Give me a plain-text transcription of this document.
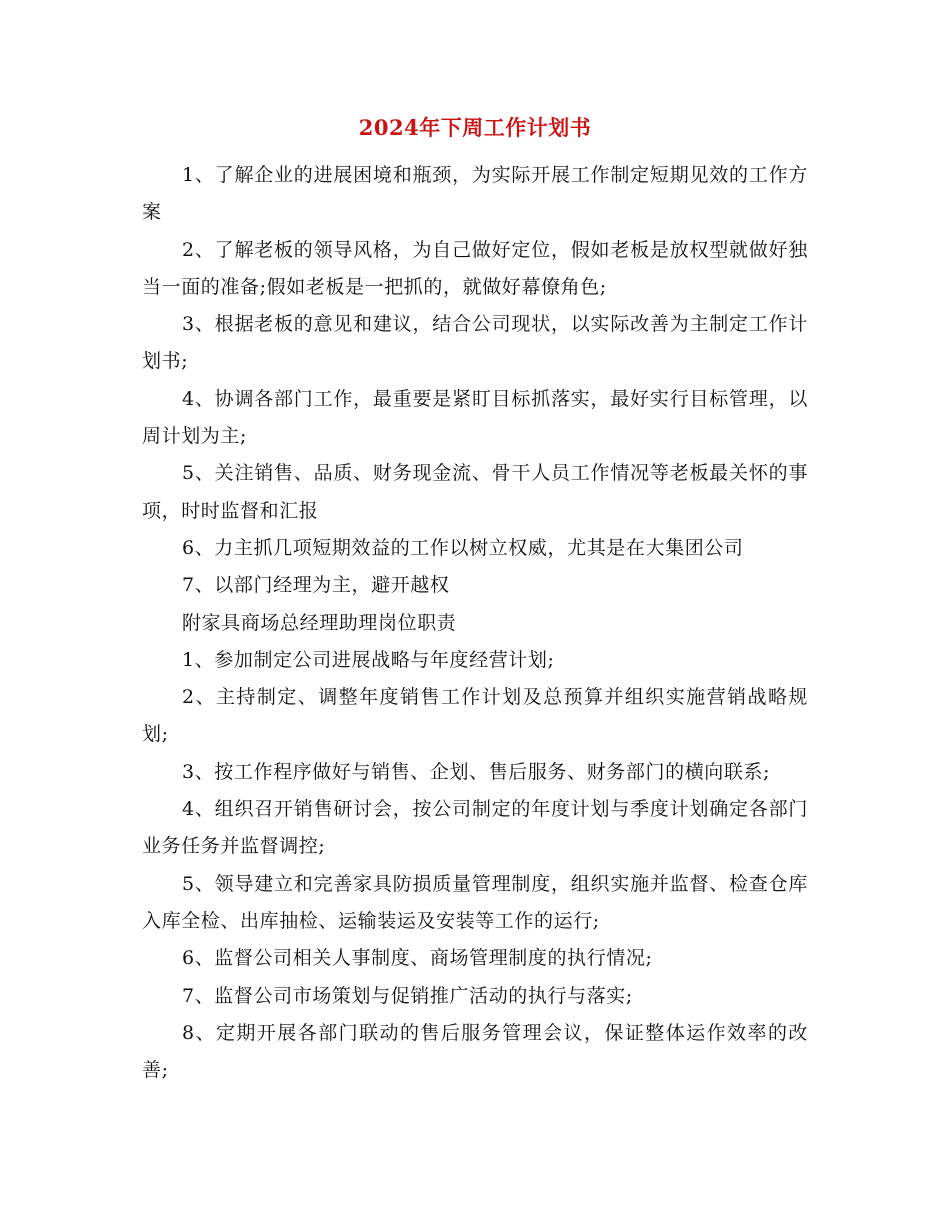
2024年下周工作计划书

1、了解企业的进展困境和瓶颈，为实际开展工作制定短期见效的工作方案

2、了解老板的领导风格，为自己做好定位，假如老板是放权型就做好独当一面的准备;假如老板是一把抓的，就做好幕僚角色;

3、根据老板的意见和建议，结合公司现状，以实际改善为主制定工作计划书;

4、协调各部门工作，最重要是紧盯目标抓落实，最好实行目标管理，以周计划为主;

5、关注销售、品质、财务现金流、骨干人员工作情况等老板最关怀的事项，时时监督和汇报

6、力主抓几项短期效益的工作以树立权威，尤其是在大集团公司

7、以部门经理为主，避开越权

附家具商场总经理助理岗位职责

1、参加制定公司进展战略与年度经营计划;

2、主持制定、调整年度销售工作计划及总预算并组织实施营销战略规划;

3、按工作程序做好与销售、企划、售后服务、财务部门的横向联系;

4、组织召开销售研讨会，按公司制定的年度计划与季度计划确定各部门业务任务并监督调控;

5、领导建立和完善家具防损质量管理制度，组织实施并监督、检查仓库入库全检、出库抽检、运输装运及安装等工作的运行;

6、监督公司相关人事制度、商场管理制度的执行情况;

7、监督公司市场策划与促销推广活动的执行与落实;

8、定期开展各部门联动的售后服务管理会议，保证整体运作效率的改善;
